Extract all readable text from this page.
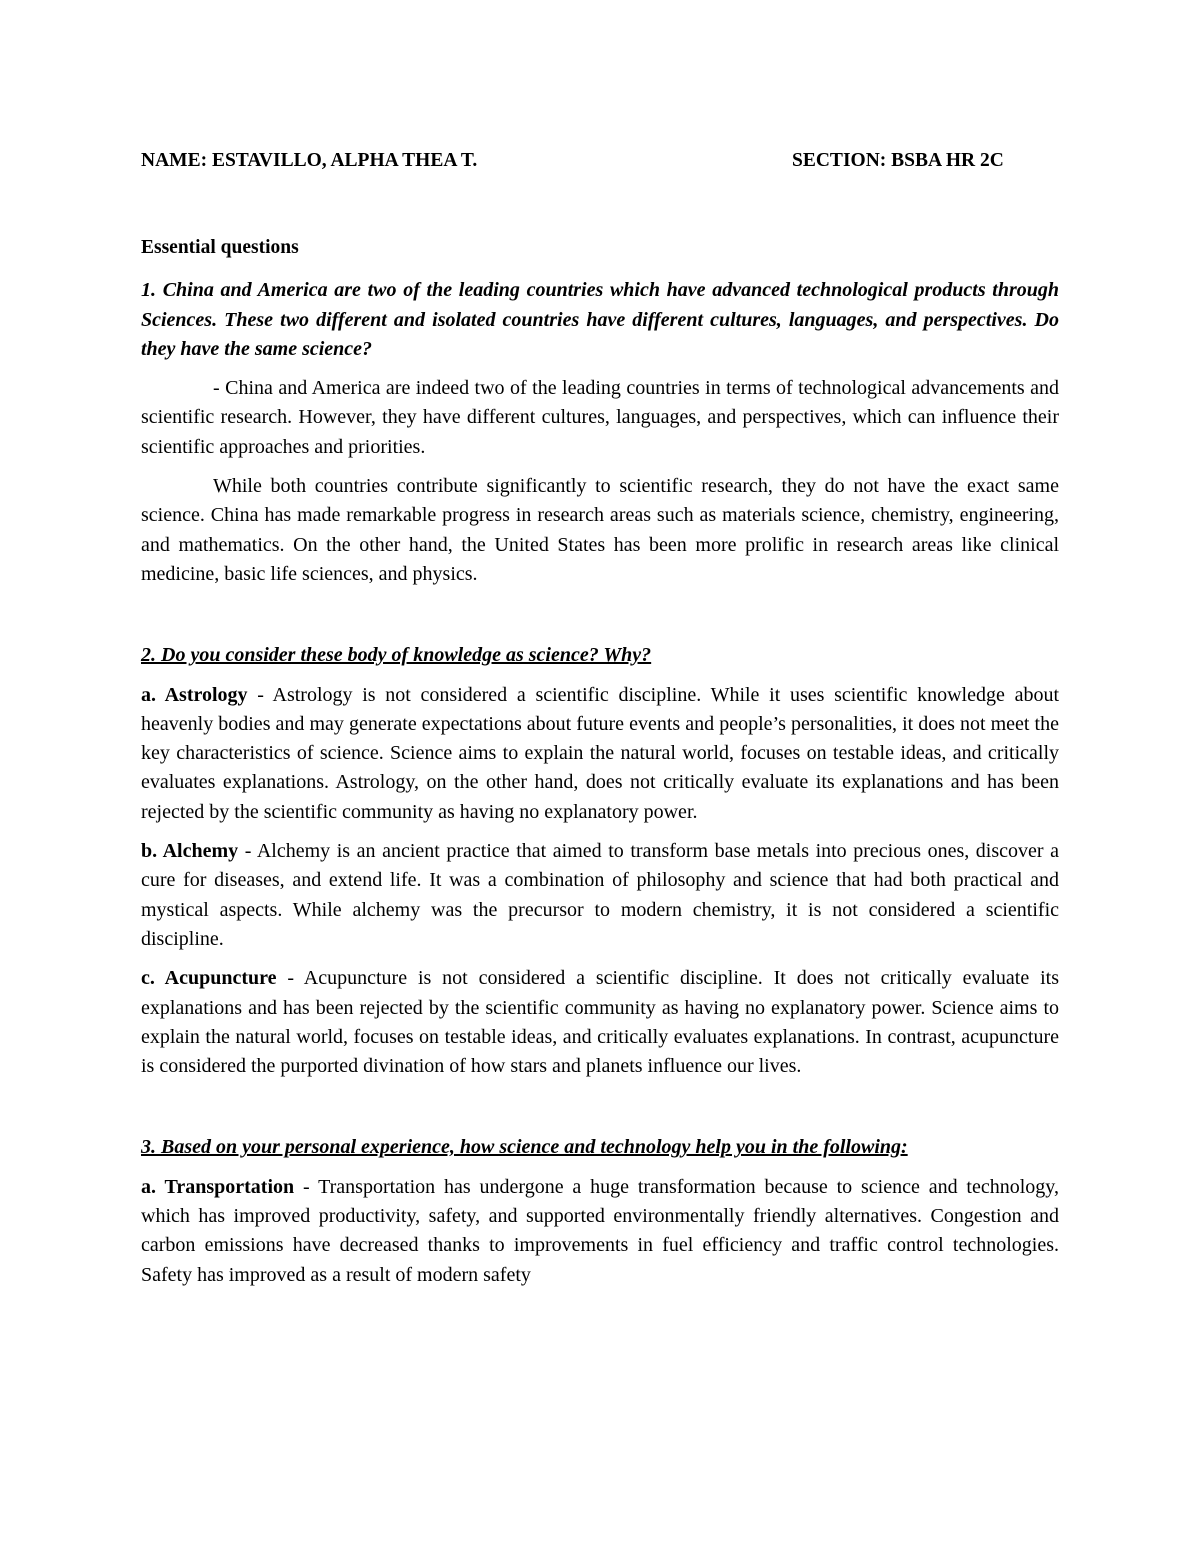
NAME: ESTAVILLO, ALPHA THEA T.	SECTION: BSBA HR 2C
Essential questions
1. China and America are two of the leading countries which have advanced technological products through Sciences. These two different and isolated countries have different cultures, languages, and perspectives. Do they have the same science?
- China and America are indeed two of the leading countries in terms of technological advancements and scientific research. However, they have different cultures, languages, and perspectives, which can influence their scientific approaches and priorities.
While both countries contribute significantly to scientific research, they do not have the exact same science. China has made remarkable progress in research areas such as materials science, chemistry, engineering, and mathematics. On the other hand, the United States has been more prolific in research areas like clinical medicine, basic life sciences, and physics.
2. Do you consider these body of knowledge as science? Why?
a. Astrology - Astrology is not considered a scientific discipline. While it uses scientific knowledge about heavenly bodies and may generate expectations about future events and people’s personalities, it does not meet the key characteristics of science. Science aims to explain the natural world, focuses on testable ideas, and critically evaluates explanations. Astrology, on the other hand, does not critically evaluate its explanations and has been rejected by the scientific community as having no explanatory power.
b. Alchemy - Alchemy is an ancient practice that aimed to transform base metals into precious ones, discover a cure for diseases, and extend life. It was a combination of philosophy and science that had both practical and mystical aspects. While alchemy was the precursor to modern chemistry, it is not considered a scientific discipline.
c. Acupuncture - Acupuncture is not considered a scientific discipline. It does not critically evaluate its explanations and has been rejected by the scientific community as having no explanatory power. Science aims to explain the natural world, focuses on testable ideas, and critically evaluates explanations. In contrast, acupuncture is considered the purported divination of how stars and planets influence our lives.
3. Based on your personal experience, how science and technology help you in the following:
a. Transportation - Transportation has undergone a huge transformation because to science and technology, which has improved productivity, safety, and supported environmentally friendly alternatives. Congestion and carbon emissions have decreased thanks to improvements in fuel efficiency and traffic control technologies. Safety has improved as a result of modern safety
